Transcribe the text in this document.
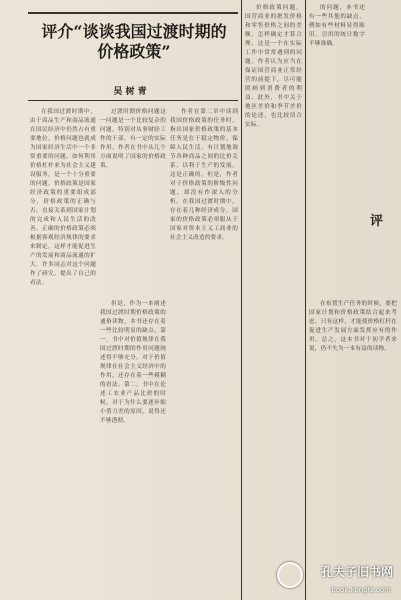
评介“谈谈我国过渡时期的
价格政策”
吴 树 青

在我国过渡时期中，由于商品生产和商品流通在国民经济中仍然占有重要地位，价格问题也就成为国家经济生活中一个非常重要的问题。如何利用价格杠杆来为社会主义建设服务，是一个十分重要的问题。价格政策是国家经济政策的重要组成部分，价格政策的正确与否，直接关系到国家计划的完成和人民生活的改善。正确的价格政策必须根据客观经济规律的要求来制定，这样才能促进生产的发展和商品流通的扩大。许多同志对这个问题作了研究，提出了自己的看法。

过渡时期价格问题这一问题是一个比较复杂的问题，特别对从事财经工作的干部，有一定的实际作用。作者在书中从几个方面说明了国家的价格政策。

但是，作为一本阐述我国过渡时期价格政策的通俗读物，本书还存在着一些比较明显的缺点。第一，书中对价值规律在我国过渡时期的作用问题阐述得不够充分，对于价值规律在社会主义经济中的作用，还存在着一些模糊的看法。第二，书中在论述工农业产品比价的时候，对于为什么要逐步缩小剪刀差的原因，说得还不够透彻。

作者在第二章中谈到我国价格政策的任务时，指出国家价格政策的基本任务是在于稳定物价，保障人民生活，有计划地调节各种商品之间的比价关系，以利于生产的发展。这是正确的。但是，作者对于价格政策的阶级性问题，却没有作深入的分析。在我国过渡时期中，存在着几种经济成分，国家的价格政策必须服从于国家对资本主义工商业的社会主义改造的要求。

价格政策问题。国营商业的批发价格和零售价格之间的差额，怎样确定才算合理，这是一个在实际工作中常常遇到的问题。作者认为应当在保证国营商业正常经营的前提下，尽可能照顾到消费者的利益。此外，书中关于地区差价和季节差价的论述，也比较切合实际。

的问题，本书还有一些其他的缺点，例如有些材料显得陈旧，引用的统计数字不够准确。

评

在布置生产任务的时候，要把国家计划和价格政策结合起来考虑，只有这样，才能使价格杠杆在促进生产发展方面发挥应有的作用。总之，这本书对于初学者来说，仍不失为一本有益的读物。

孔夫子旧书网
book.kongfz.com
